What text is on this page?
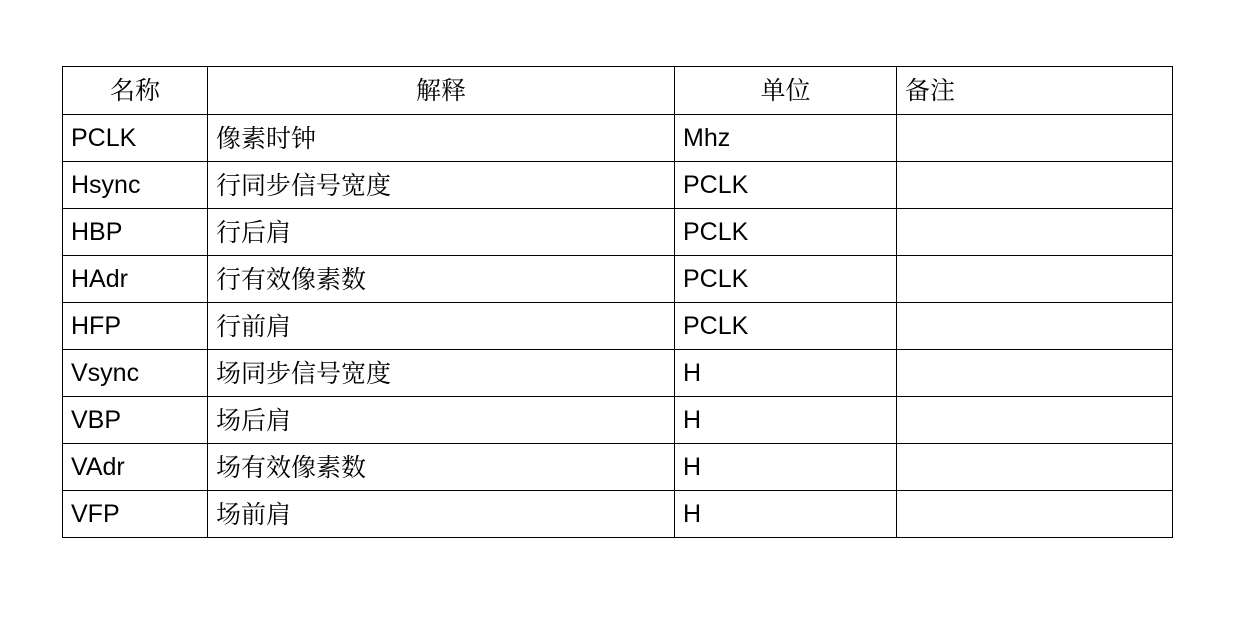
名称	解释	单位	备注
PCLK	像素时钟	Mhz	
Hsync	行同步信号宽度	PCLK	
HBP	行后肩	PCLK	
HAdr	行有效像素数	PCLK	
HFP	行前肩	PCLK	
Vsync	场同步信号宽度	H	
VBP	场后肩	H	
VAdr	场有效像素数	H	
VFP	场前肩	H	
